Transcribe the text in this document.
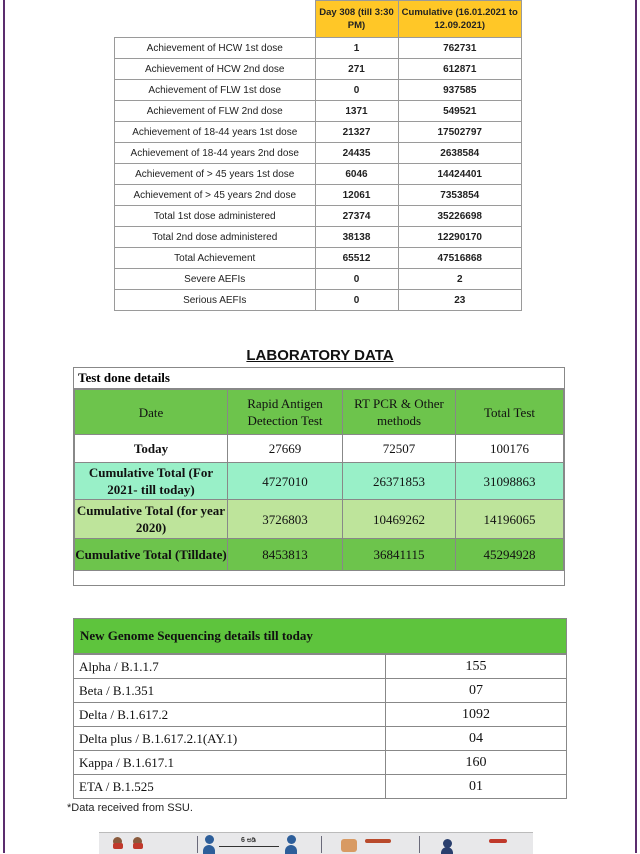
	Day 308 (till 3:30 PM)	Cumulative (16.01.2021 to 12.09.2021)
Achievement of HCW 1st dose	1	762731
Achievement of HCW 2nd dose	271	612871
Achievement of FLW 1st dose	0	937585
Achievement of FLW 2nd dose	1371	549521
Achievement of 18-44 years 1st dose	21327	17502797
Achievement of 18-44 years 2nd dose	24435	2638584
Achievement of > 45 years 1st dose	6046	14424401
Achievement of > 45 years 2nd dose	12061	7353854
Total 1st dose administered	27374	35226698
Total 2nd dose administered	38138	12290170
Total Achievement	65512	47516868
Severe AEFIs	0	2
Serious AEFIs	0	23
LABORATORY DATA
Test done details
Date	Rapid Antigen Detection Test	RT PCR & Other methods	Total Test
Today	27669	72507	100176
Cumulative Total (For 2021- till today)	4727010	26371853	31098863
Cumulative Total (for year 2020)	3726803	10469262	14196065
Cumulative Total (Tilldate)	8453813	36841115	45294928
New Genome Sequencing details till today
Alpha / B.1.1.7	155
Beta / B.1.351	07
Delta / B.1.617.2	1092
Delta plus / B.1.617.2.1(AY.1)	04
Kappa / B.1.617.1	160
ETA / B.1.525	01
*Data received from SSU.
6 ಅಡಿ
